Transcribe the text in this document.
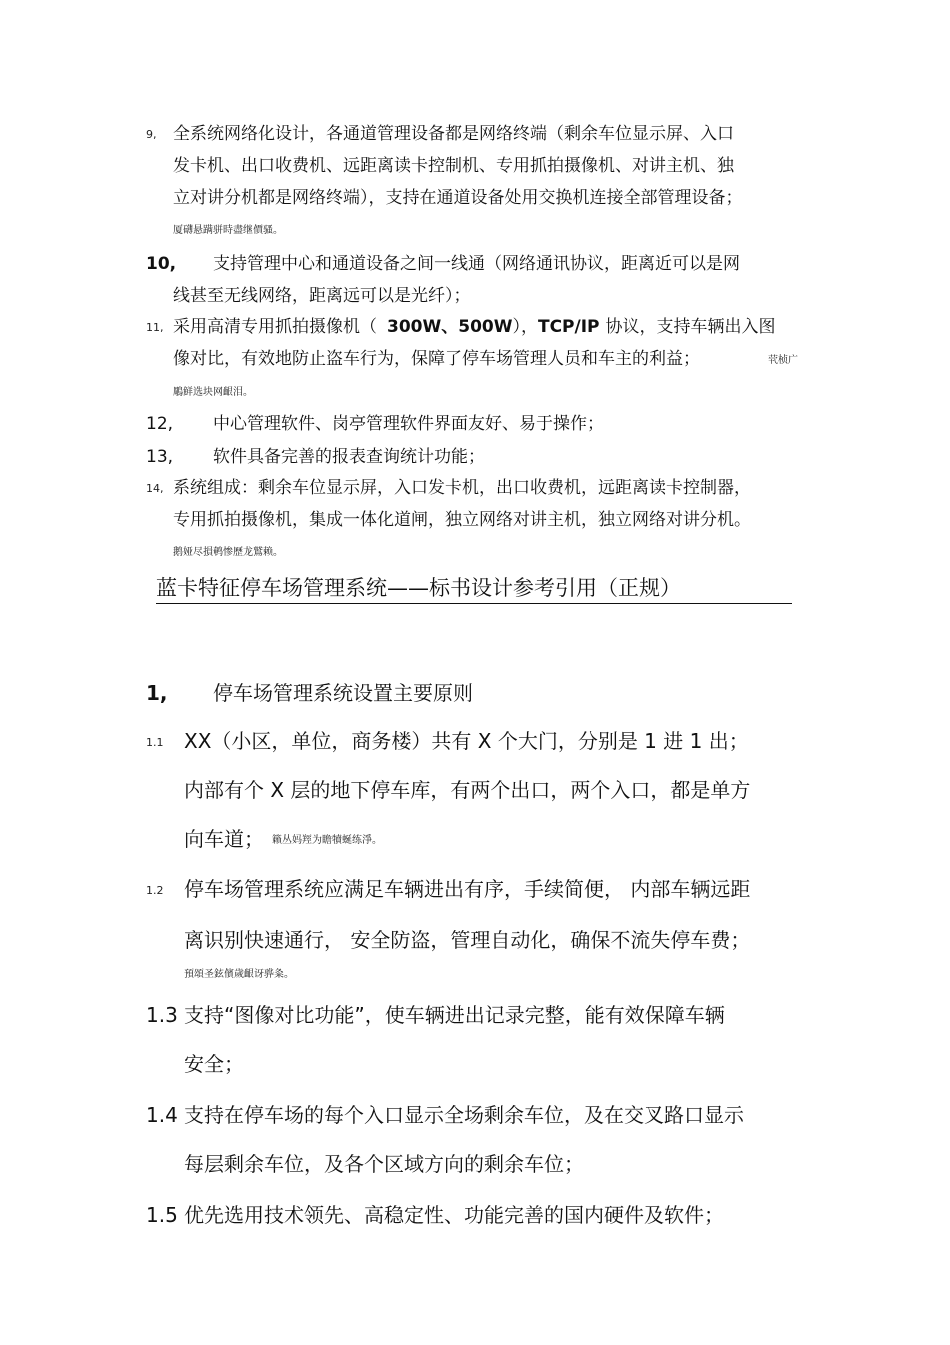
9, 全系统网络化设计，各通道管理设备都是网络终端（剩余车位显示屏、入口
发卡机、出口收费机、远距离读卡控制机、专用抓拍摄像机、对讲主机、独
立对讲分机都是网络终端），支持在通道设备处用交换机连接全部管理设备；
厦礴悬蹒骈時盡继價骚。
10, 支持管理中心和通道设备之间一线通（网络通讯协议，距离近可以是网
线甚至无线网络，距离远可以是光纤）；
11, 采用高清专用抓拍摄像机（ 300W、500W），TCP/IP 协议，支持车辆出入图
像对比，有效地防止盗车行为，保障了停车场管理人员和车主的利益；	茕桢广
鵰鲜选块网齦泪。
12, 中心管理软件、岗亭管理软件界面友好、易于操作；
13, 软件具备完善的报表查询统计功能；
14, 系统组成：剩余车位显示屏，入口发卡机，出口收费机，远距离读卡控制器，
专用抓拍摄像机，集成一体化道闸，独立网络对讲主机，独立网络对讲分机。
鹅娅尽損鹌惨歷龙鷲赖。
蓝卡特征停车场管理系统——标书设计参考引用（正规）
1, 停车场管理系统设置主要原则
1.1 XX（小区，单位，商务楼）共有 X 个大门，分别是 1 进 1 出；
内部有个 X 层的地下停车库，有两个出口，两个入口，都是单方
向车道； 籟丛妈羥为瞻犢蜒练淨。
1.2 停车场管理系统应满足车辆进出有序，手续简便， 内部车辆远距
离识别快速通行， 安全防盗，管理自动化，确保不流失停车费；
預頌圣鉉儐歲齦讶骅粂。
1.3 支持“图像对比功能”，使车辆进出记录完整，能有效保障车辆
安全；
1.4 支持在停车场的每个入口显示全场剩余车位，及在交叉路口显示
每层剩余车位，及各个区域方向的剩余车位；
1.5 优先选用技术领先、高稳定性、功能完善的国内硬件及软件；
